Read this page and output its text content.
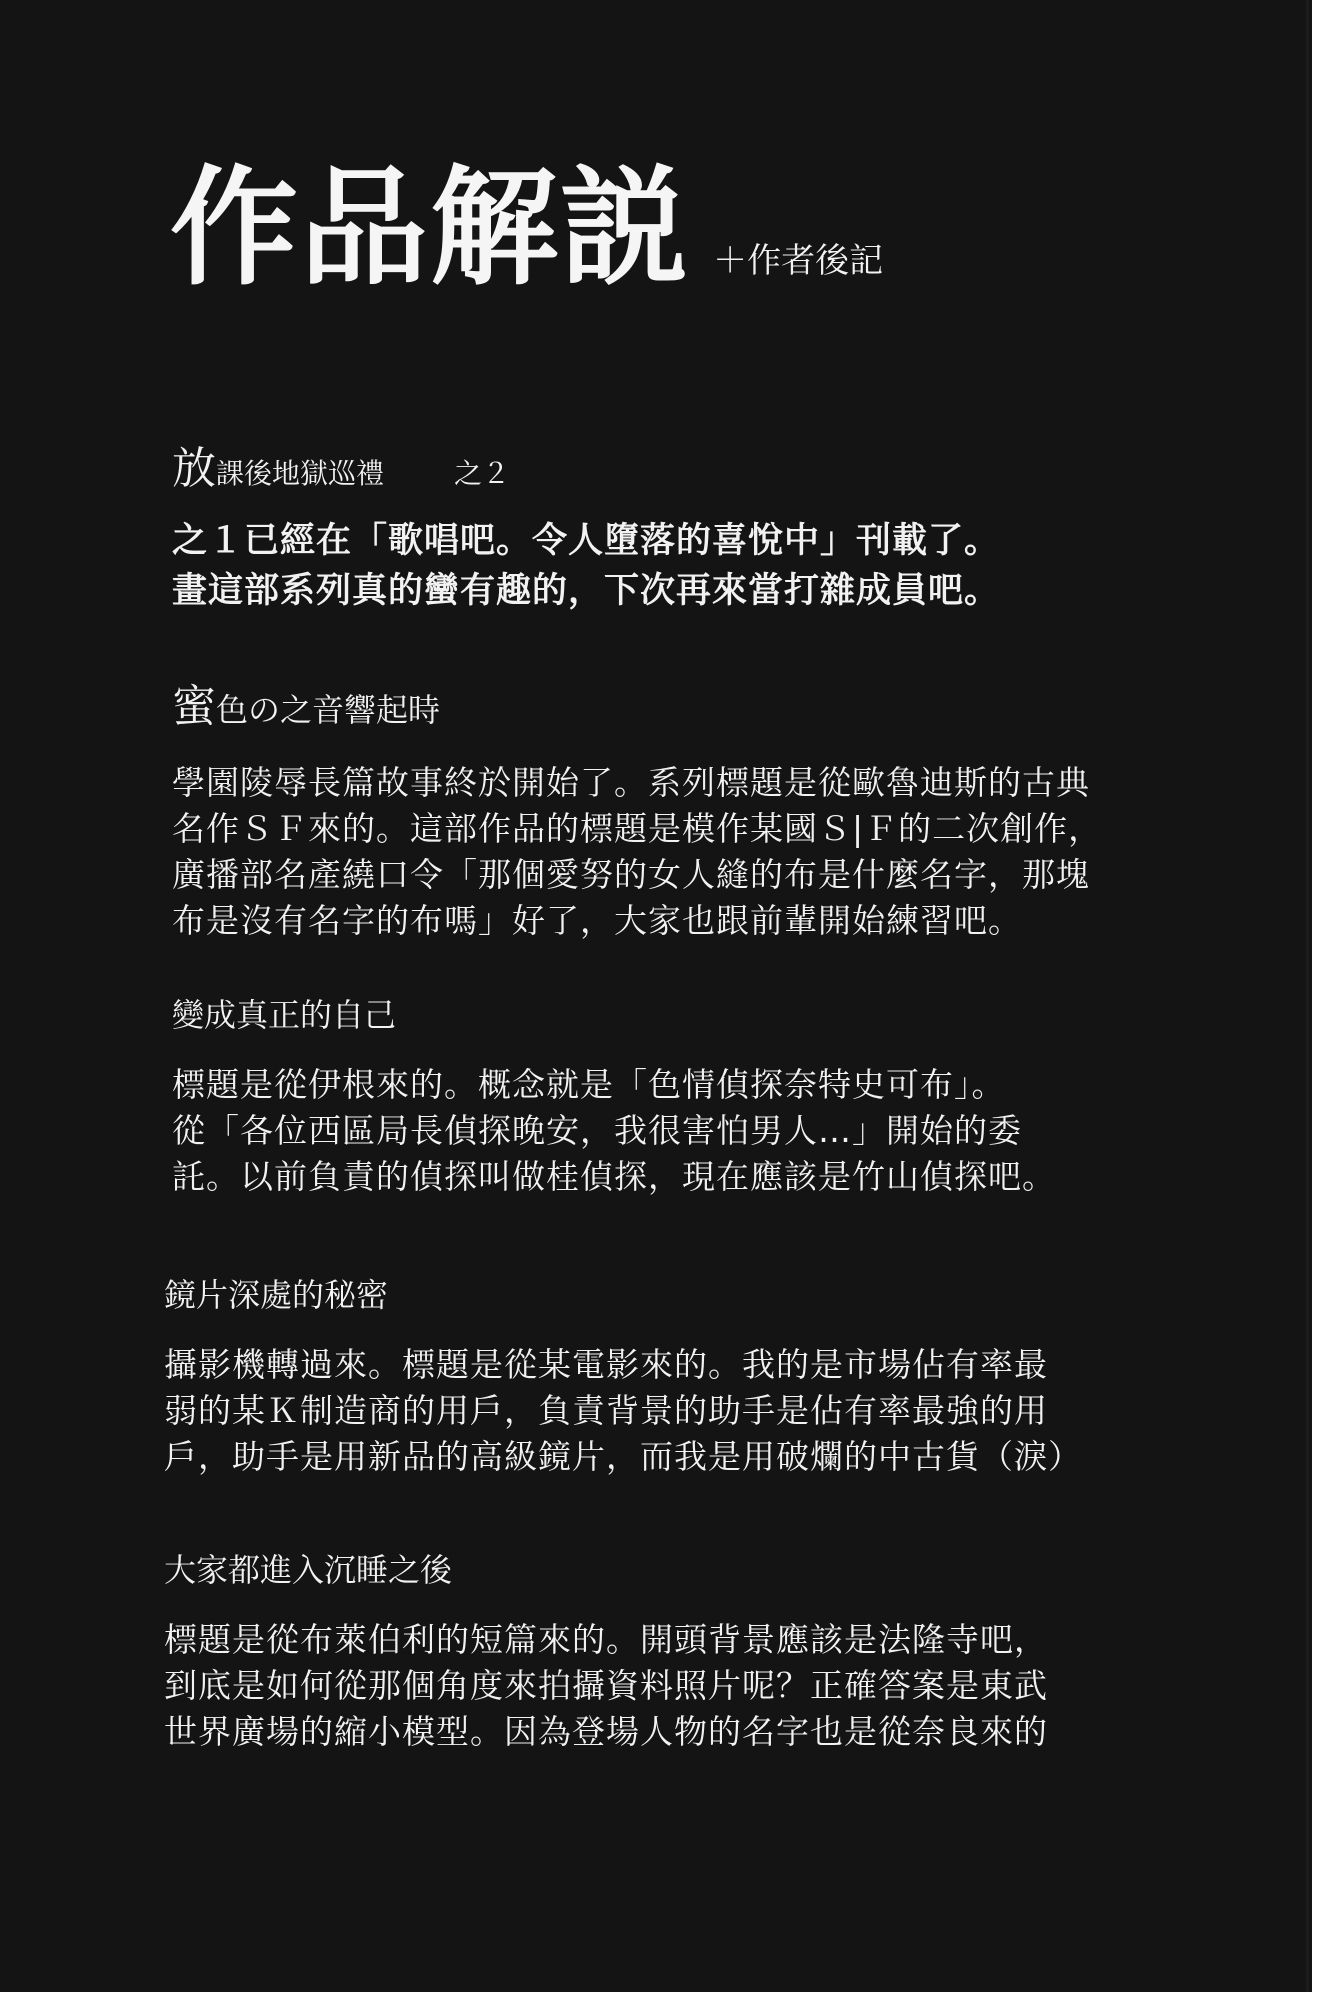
作品解説 ＋作者後記
放課後地獄巡禮	之２
之１已經在「歌唱吧。令人墮落的喜悅中」刊載了。
畫這部系列真的蠻有趣的，下次再來當打雜成員吧。
蜜色の之音響起時
學園陵辱長篇故事終於開始了。系列標題是從歐魯迪斯的古典
名作ＳＦ來的。這部作品的標題是模作某國Ｓ|Ｆ的二次創作，
廣播部名產繞口令「那個愛努的女人縫的布是什麼名字，那塊
布是沒有名字的布嗎」好了，大家也跟前輩開始練習吧。
變成真正的自己
標題是從伊根來的。概念就是「色情偵探奈特史可布」。
從「各位西區局長偵探晚安，我很害怕男人…」開始的委
託。以前負責的偵探叫做桂偵探，現在應該是竹山偵探吧。
鏡片深處的秘密
攝影機轉過來。標題是從某電影來的。我的是市場佔有率最
弱的某Ｋ制造商的用戶，負責背景的助手是佔有率最強的用
戶，助手是用新品的高級鏡片，而我是用破爛的中古貨（淚）
大家都進入沉睡之後
標題是從布萊伯利的短篇來的。開頭背景應該是法隆寺吧，
到底是如何從那個角度來拍攝資料照片呢？正確答案是東武
世界廣場的縮小模型。因為登場人物的名字也是從奈良來的
